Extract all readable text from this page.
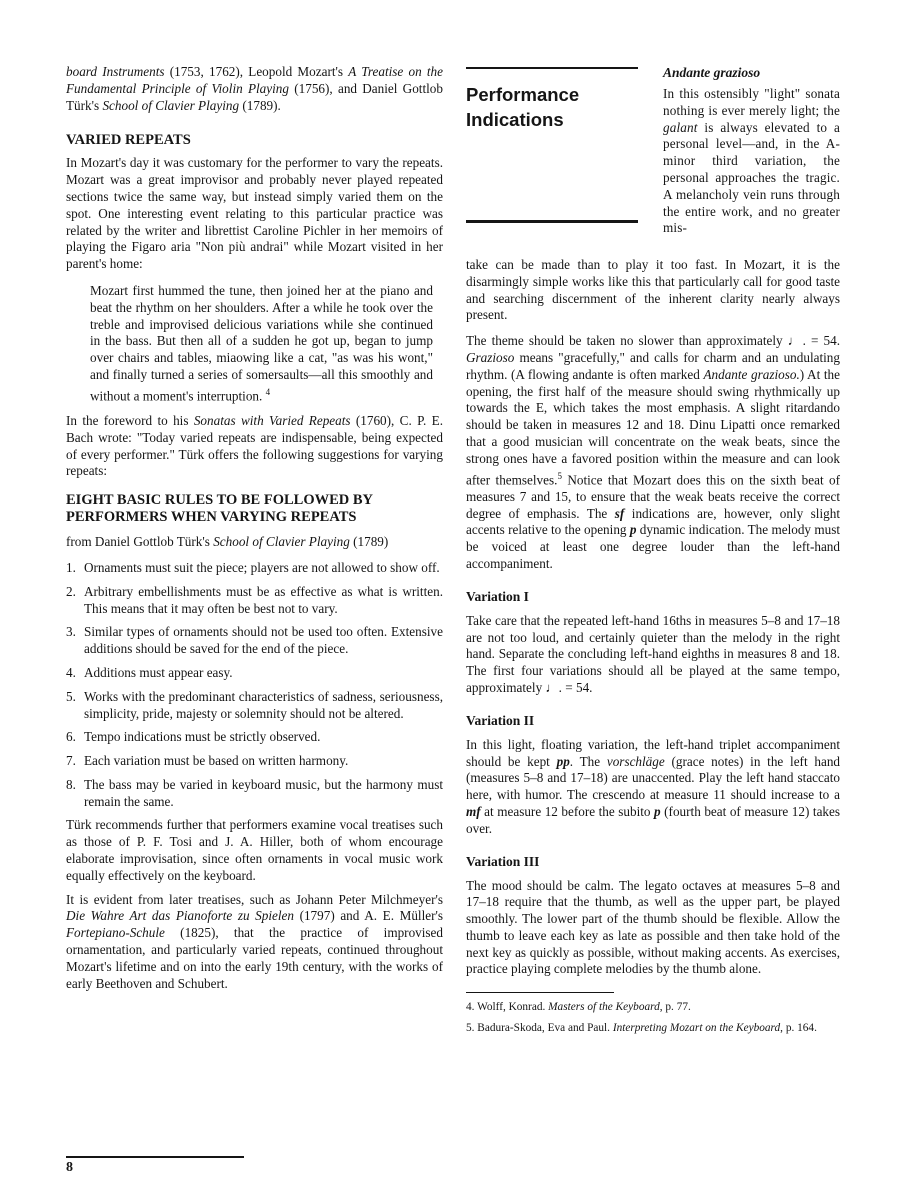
board Instruments (1753, 1762), Leopold Mozart's A Treatise on the Fundamental Principle of Violin Playing (1756), and Daniel Gottlob Türk's School of Clavier Playing (1789).

VARIED REPEATS

In Mozart's day it was customary for the performer to vary the repeats. Mozart was a great improvisor and probably never played repeated sections twice the same way, but instead simply varied them on the spot. One interesting event relating to this particular practice was related by the writer and librettist Caroline Pichler in her memoirs of playing the Figaro aria "Non più andrai" while Mozart visited in her parent's home:

Mozart first hummed the tune, then joined her at the piano and beat the rhythm on her shoulders. After a while he took over the treble and improvised delicious variations while she continued in the bass. But then all of a sudden he got up, began to jump over chairs and tables, miaowing like a cat, "as was his wont," and finally turned a series of somersaults—all this smoothly and without a moment's interruption. $^4$

In the foreword to his Sonatas with Varied Repeats (1760), C. P. E. Bach wrote: "Today varied repeats are indispensable, being expected of every performer." Türk offers the following suggestions for varying repeats:

EIGHT BASIC RULES TO BE FOLLOWED BY PERFORMERS WHEN VARYING REPEATS

from Daniel Gottlob Türk's School of Clavier Playing (1789)

1. Ornaments must suit the piece; players are not allowed to show off.
2. Arbitrary embellishments must be as effective as what is written. This means that it may often be best not to vary.
3. Similar types of ornaments should not be used too often. Extensive additions should be saved for the end of the piece.
4. Additions must appear easy.
5. Works with the predominant characteristics of sadness, seriousness, simplicity, pride, majesty or solemnity should not be altered.
6. Tempo indications must be strictly observed.
7. Each variation must be based on written harmony.
8. The bass may be varied in keyboard music, but the harmony must remain the same.

Türk recommends further that performers examine vocal treatises such as those of P. F. Tosi and J. A. Hiller, both of whom encourage elaborate improvisation, since often ornaments in vocal music work equally effectively on the keyboard.

It is evident from later treatises, such as Johann Peter Milchmeyer's Die Wahre Art das Pianoforte zu Spielen (1797) and A. E. Müller's Fortepiano-Schule (1825), that the practice of improvised ornamentation, and particularly varied repeats, continued throughout Mozart's lifetime and on into the early 19th century, with the works of early Beethoven and Schubert.

8
Performance Indications

Andante grazioso

In this ostensibly "light" sonata nothing is ever merely light; the galant is always elevated to a personal level—and, in the A-minor third variation, the personal approaches the tragic. A melancholy vein runs through the entire work, and no greater mis-

take can be made than to play it too fast. In Mozart, it is the disarmingly simple works like this that particularly call for good taste and searching discernment of the inherent clarity nearly always present.

The theme should be taken no slower than approximately ♩. = 54. Grazioso means "gracefully," and calls for charm and an undulating rhythm. (A flowing andante is often marked Andante grazioso.) At the opening, the first half of the measure should swing rhythmically up towards the E, which takes the most emphasis. A slight ritardando should be taken in measures 12 and 18. Dinu Lipatti once remarked that a good musician will concentrate on the weak beats, since the strong ones have a favored position within the measure and can look after themselves.$^5$ Notice that Mozart does this on the sixth beat of measures 7 and 15, to ensure that the weak beats receive the correct degree of emphasis. The sf indications are, however, only slight accents relative to the opening p dynamic indication. The melody must be voiced at least one degree louder than the left-hand accompaniment.

Variation I

Take care that the repeated left-hand 16ths in measures 5–8 and 17–18 are not too loud, and certainly quieter than the melody in the right hand. Separate the concluding left-hand eighths in measures 8 and 18. The first four variations should all be played at the same tempo, approximately ♩. = 54.

Variation II

In this light, floating variation, the left-hand triplet accompaniment should be kept pp. The vorschläge (grace notes) in the left hand (measures 5–8 and 17–18) are unaccented. Play the left hand staccato here, with humor. The crescendo at measure 11 should increase to a mf at measure 12 before the subito p (fourth beat of measure 12) takes over.

Variation III

The mood should be calm. The legato octaves at measures 5–8 and 17–18 require that the thumb, as well as the upper part, be played smoothly. The lower part of the thumb should be flexible. Allow the thumb to leave each key as late as possible and then take hold of the next key as quickly as possible, without making accents. As exercises, practice playing complete melodies by the thumb alone.

4. Wolff, Konrad. Masters of the Keyboard, p. 77.

5. Badura-Skoda, Eva and Paul. Interpreting Mozart on the Keyboard, p. 164.
